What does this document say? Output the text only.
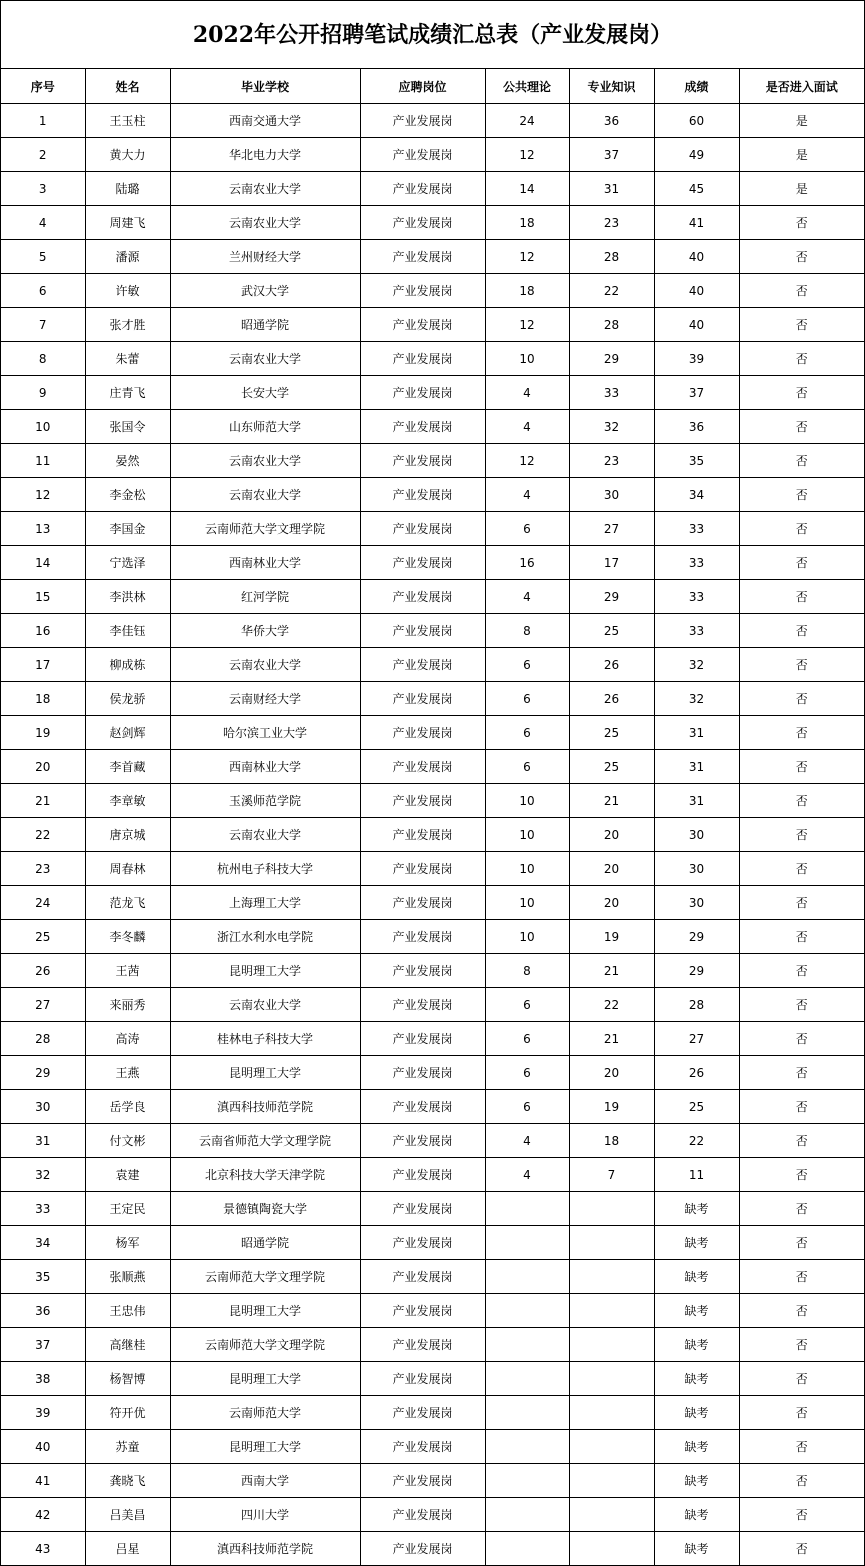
2022年公开招聘笔试成绩汇总表（产业发展岗）
序号	姓名	毕业学校	应聘岗位	公共理论	专业知识	成绩	是否进入面试
1	王玉柱	西南交通大学	产业发展岗	24	36	60	是
2	黄大力	华北电力大学	产业发展岗	12	37	49	是
3	陆璐	云南农业大学	产业发展岗	14	31	45	是
4	周建飞	云南农业大学	产业发展岗	18	23	41	否
5	潘源	兰州财经大学	产业发展岗	12	28	40	否
6	许敏	武汉大学	产业发展岗	18	22	40	否
7	张才胜	昭通学院	产业发展岗	12	28	40	否
8	朱蕾	云南农业大学	产业发展岗	10	29	39	否
9	庄青飞	长安大学	产业发展岗	4	33	37	否
10	张国令	山东师范大学	产业发展岗	4	32	36	否
11	晏然	云南农业大学	产业发展岗	12	23	35	否
12	李金松	云南农业大学	产业发展岗	4	30	34	否
13	李国金	云南师范大学文理学院	产业发展岗	6	27	33	否
14	宁选泽	西南林业大学	产业发展岗	16	17	33	否
15	李洪林	红河学院	产业发展岗	4	29	33	否
16	李佳钰	华侨大学	产业发展岗	8	25	33	否
17	柳成栋	云南农业大学	产业发展岗	6	26	32	否
18	侯龙骄	云南财经大学	产业发展岗	6	26	32	否
19	赵剑辉	哈尔滨工业大学	产业发展岗	6	25	31	否
20	李首藏	西南林业大学	产业发展岗	6	25	31	否
21	李章敏	玉溪师范学院	产业发展岗	10	21	31	否
22	唐京城	云南农业大学	产业发展岗	10	20	30	否
23	周春林	杭州电子科技大学	产业发展岗	10	20	30	否
24	范龙飞	上海理工大学	产业发展岗	10	20	30	否
25	李冬麟	浙江水利水电学院	产业发展岗	10	19	29	否
26	王茜	昆明理工大学	产业发展岗	8	21	29	否
27	来丽秀	云南农业大学	产业发展岗	6	22	28	否
28	高涛	桂林电子科技大学	产业发展岗	6	21	27	否
29	王燕	昆明理工大学	产业发展岗	6	20	26	否
30	岳学良	滇西科技师范学院	产业发展岗	6	19	25	否
31	付文彬	云南省师范大学文理学院	产业发展岗	4	18	22	否
32	袁建	北京科技大学天津学院	产业发展岗	4	7	11	否
33	王定民	景德镇陶瓷大学	产业发展岗			缺考	否
34	杨军	昭通学院	产业发展岗			缺考	否
35	张顺燕	云南师范大学文理学院	产业发展岗			缺考	否
36	王忠伟	昆明理工大学	产业发展岗			缺考	否
37	高继桂	云南师范大学文理学院	产业发展岗			缺考	否
38	杨智博	昆明理工大学	产业发展岗			缺考	否
39	符开优	云南师范大学	产业发展岗			缺考	否
40	苏童	昆明理工大学	产业发展岗			缺考	否
41	龚晓飞	西南大学	产业发展岗			缺考	否
42	吕美昌	四川大学	产业发展岗			缺考	否
43	吕星	滇西科技师范学院	产业发展岗			缺考	否
